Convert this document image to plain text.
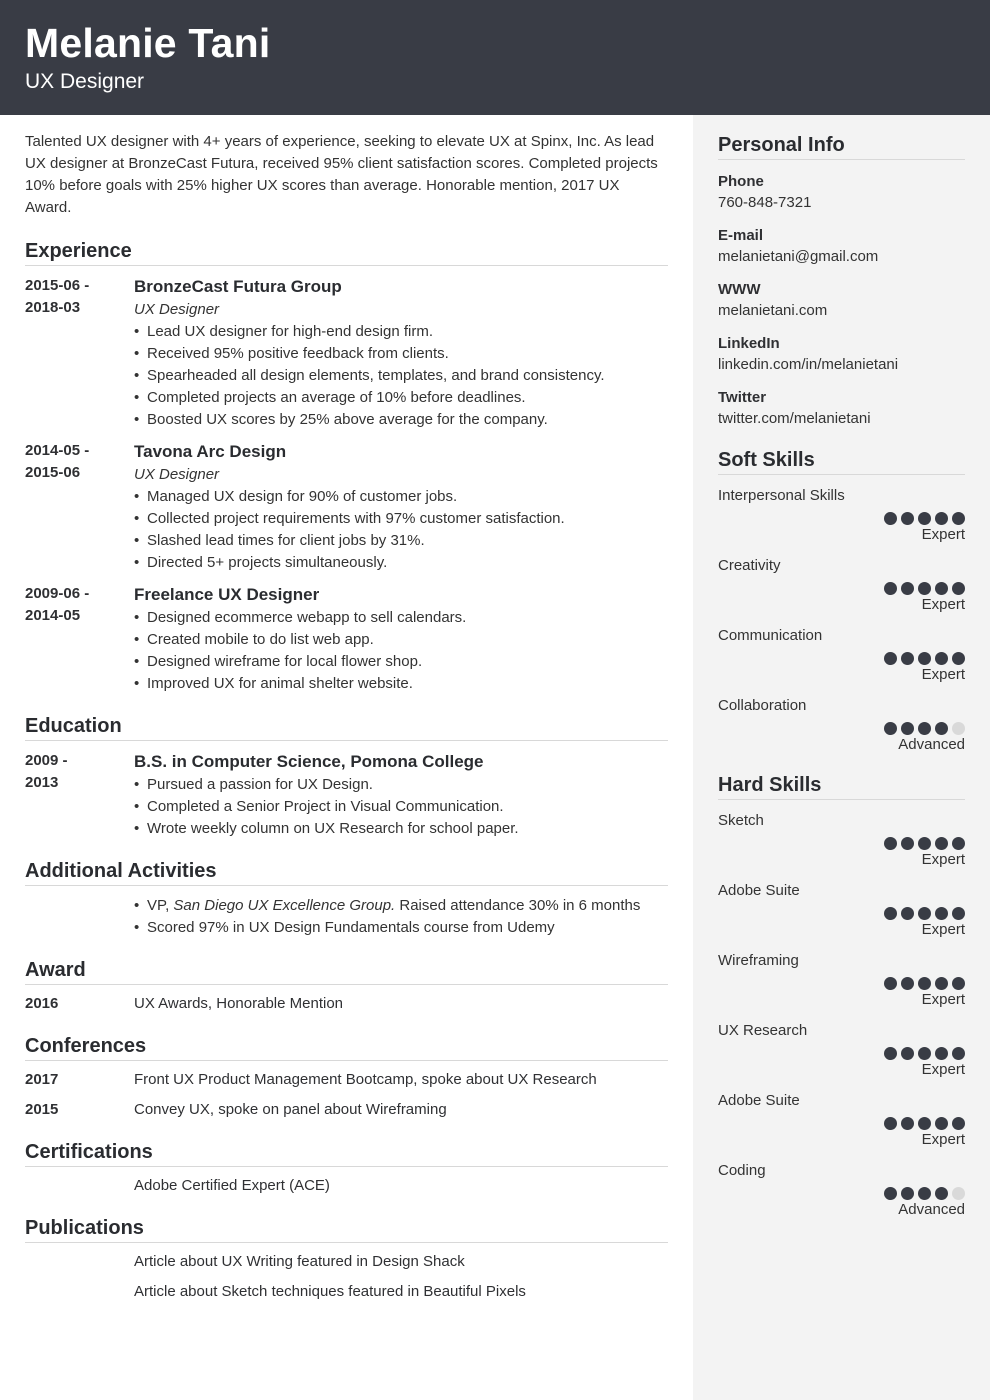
Melanie Tani
UX Designer

Talented UX designer with 4+ years of experience, seeking to elevate UX at Spinx, Inc. As lead UX designer at BronzeCast Futura, received 95% client satisfaction scores. Completed projects 10% before goals with 25% higher UX scores than average. Honorable mention, 2017 UX Award.

Experience
2015-06 -
2018-03
BronzeCast Futura Group
UX Designer
• Lead UX designer for high-end design firm.
• Received 95% positive feedback from clients.
• Spearheaded all design elements, templates, and brand consistency.
• Completed projects an average of 10% before deadlines.
• Boosted UX scores by 25% above average for the company.
2014-05 -
2015-06
Tavona Arc Design
UX Designer
• Managed UX design for 90% of customer jobs.
• Collected project requirements with 97% customer satisfaction.
• Slashed lead times for client jobs by 31%.
• Directed 5+ projects simultaneously.
2009-06 -
2014-05
Freelance UX Designer
• Designed ecommerce webapp to sell calendars.
• Created mobile to do list web app.
• Designed wireframe for local flower shop.
• Improved UX for animal shelter website.
Education
2009 -
2013
B.S. in Computer Science, Pomona College
• Pursued a passion for UX Design.
• Completed a Senior Project in Visual Communication.
• Wrote weekly column on UX Research for school paper.
Additional Activities
• VP, San Diego UX Excellence Group. Raised attendance 30% in 6 months
• Scored 97% in UX Design Fundamentals course from Udemy
Award
2016	UX Awards, Honorable Mention
Conferences
2017	Front UX Product Management Bootcamp, spoke about UX Research
2015	Convey UX, spoke on panel about Wireframing
Certifications
Adobe Certified Expert (ACE)
Publications
Article about UX Writing featured in Design Shack
Article about Sketch techniques featured in Beautiful Pixels
Personal Info
Phone
760-848-7321
E-mail
melanietani@gmail.com
WWW
melanietani.com
LinkedIn
linkedin.com/in/melanietani
Twitter
twitter.com/melanietani
Soft Skills
Interpersonal Skills
Expert
Creativity
Expert
Communication
Expert
Collaboration
Advanced
Hard Skills
Sketch
Expert
Adobe Suite
Expert
Wireframing
Expert
UX Research
Expert
Adobe Suite
Expert
Coding
Advanced
